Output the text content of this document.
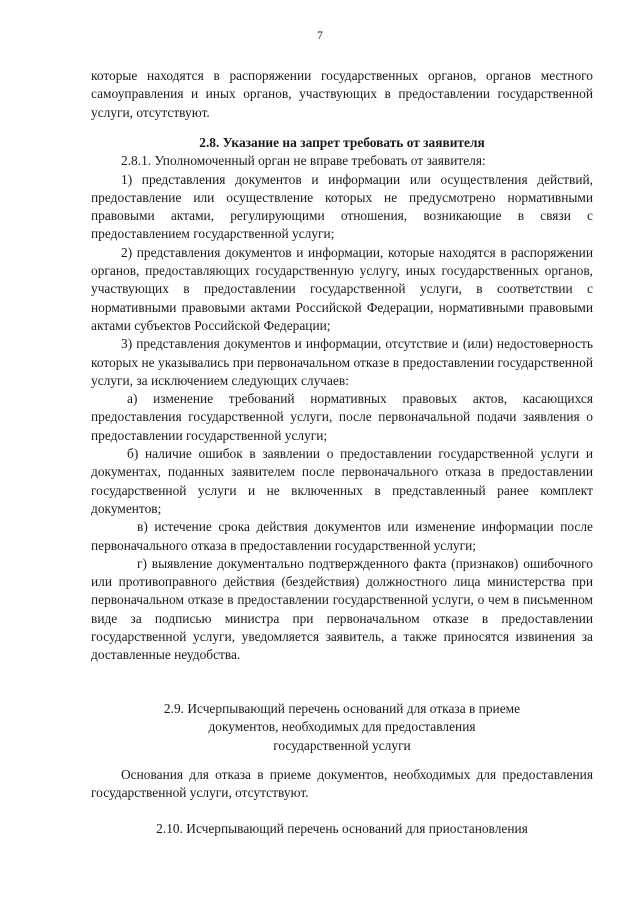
7

которые находятся в распоряжении государственных органов, органов местного самоуправления и иных органов, участвующих в предоставлении государственной услуги, отсутствуют.

2.8. Указание на запрет требовать от заявителя

2.8.1. Уполномоченный орган не вправе требовать от заявителя:

1) представления документов и информации или осуществления действий, предоставление или осуществление которых не предусмотрено нормативными правовыми актами, регулирующими отношения, возникающие в связи с предоставлением государственной услуги;

2) представления документов и информации, которые находятся в распоряжении органов, предоставляющих государственную услугу, иных государственных органов, участвующих в предоставлении государственной услуги, в соответствии с нормативными правовыми актами Российской Федерации, нормативными правовыми актами субъектов Российской Федерации;

3) представления документов и информации, отсутствие и (или) недостоверность которых не указывались при первоначальном отказе в предоставлении государственной услуги, за исключением следующих случаев:

а) изменение требований нормативных правовых актов, касающихся предоставления государственной услуги, после первоначальной подачи заявления о предоставлении государственной услуги;

б) наличие ошибок в заявлении о предоставлении государственной услуги и документах, поданных заявителем после первоначального отказа в предоставлении государственной услуги и не включенных в представленный ранее комплект документов;

в) истечение срока действия документов или изменение информации после первоначального отказа в предоставлении государственной услуги;

г) выявление документально подтвержденного факта (признаков) ошибочного или противоправного действия (бездействия) должностного лица министерства при первоначальном отказе в предоставлении государственной услуги, о чем в письменном виде за подписью министра при первоначальном отказе в предоставлении государственной услуги, уведомляется заявитель, а также приносятся извинения за доставленные неудобства.

2.9. Исчерпывающий перечень оснований для отказа в приеме
документов, необходимых для предоставления
государственной услуги

Основания для отказа в приеме документов, необходимых для предоставления государственной услуги, отсутствуют.

2.10. Исчерпывающий перечень оснований для приостановления
